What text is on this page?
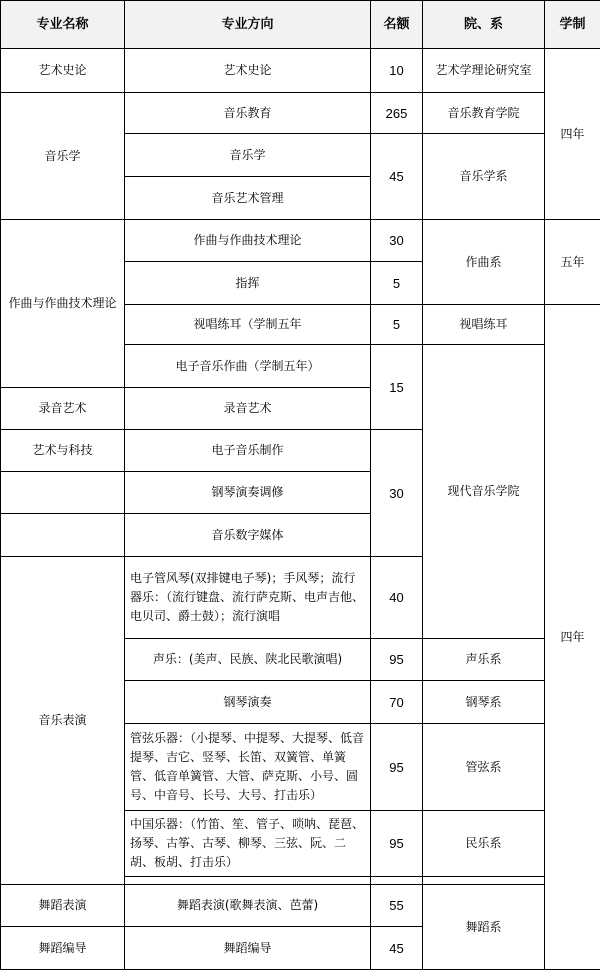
专业名称	专业方向	名额	院、系	学制
艺术史论	艺术史论	10	艺术学理论研究室	四年
音乐学	音乐教育	265	音乐教育学院	
	音乐学	45	音乐学系	
	音乐艺术管理			
作曲与作曲技术理论	作曲与作曲技术理论	30	作曲系	五年
	指挥	5		
	视唱练耳（学制五年	5	视唱练耳	四年
	电子音乐作曲（学制五年）	15	现代音乐学院	
录音艺术	录音艺术			
艺术与科技	电子音乐制作	30		
	钢琴演奏调修			
	音乐数字媒体			
音乐表演	电子管风琴(双排键电子琴)；手风琴；流行器乐：（流行键盘、流行萨克斯、电声吉他、电贝司、爵士鼓）；流行演唱	40		
	声乐：(美声、民族、陕北民歌演唱)	95	声乐系	
	钢琴演奏	70	钢琴系	
	管弦乐器：（小提琴、中提琴、大提琴、低音提琴、吉它、竖琴、长笛、双簧管、单簧管、低音单簧管、大管、萨克斯、小号、圆号、中音号、长号、大号、打击乐）	95	管弦系	
	中国乐器：（竹笛、笙、管子、唢呐、琵琶、扬琴、古筝、古琴、柳琴、三弦、阮、二胡、板胡、打击乐）	95	民乐系	

舞蹈表演	舞蹈表演(歌舞表演、芭蕾)	55	舞蹈系	
舞蹈编导	舞蹈编导	45		
